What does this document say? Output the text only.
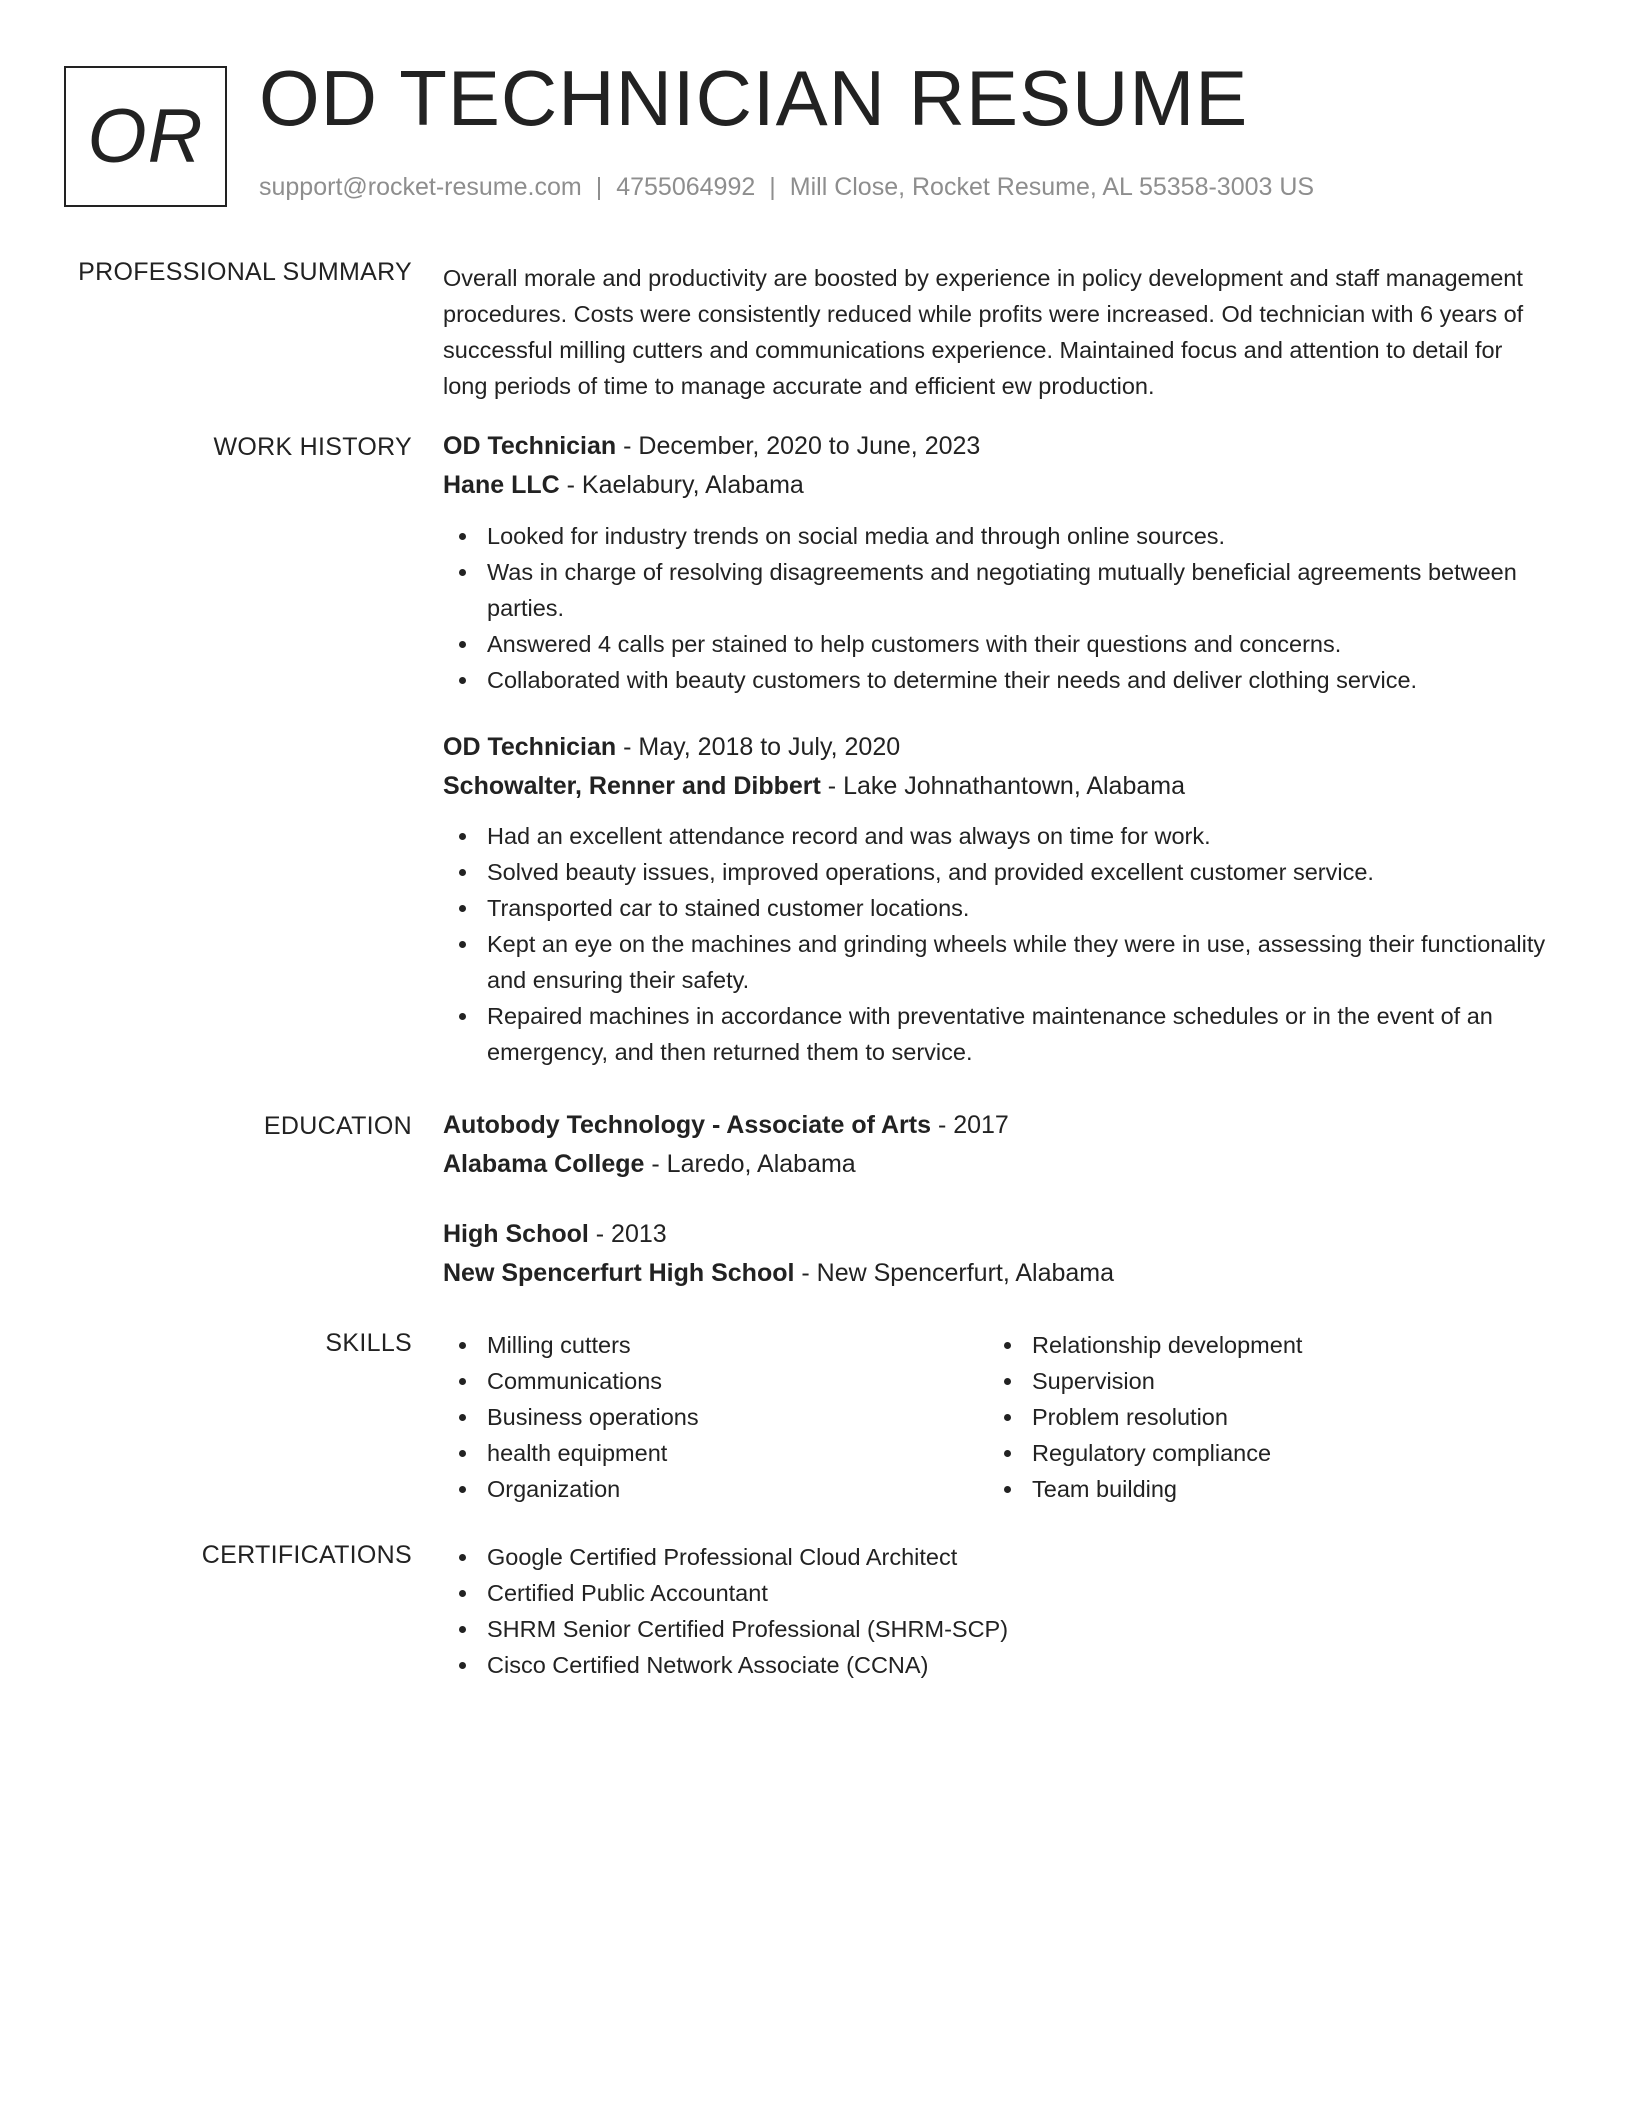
OR OD TECHNICIAN RESUME
support@rocket-resume.com | 4755064992 | Mill Close, Rocket Resume, AL 55358-3003 US
PROFESSIONAL SUMMARY Overall morale and productivity are boosted by experience in policy development and staff management procedures. Costs were consistently reduced while profits were increased. Od technician with 6 years of successful milling cutters and communications experience. Maintained focus and attention to detail for long periods of time to manage accurate and efficient ew production.

WORK HISTORY OD Technician - December, 2020 to June, 2023

Hane LLC - Kaelabury, Alabama

Looked for industry trends on social media and through online sources.
Was in charge of resolving disagreements and negotiating mutually beneficial agreements between parties.
Answered 4 calls per stained to help customers with their questions and concerns.
Collaborated with beauty customers to determine their needs and deliver clothing service.

OD Technician - May, 2018 to July, 2020

Schowalter, Renner and Dibbert - Lake Johnathantown, Alabama

Had an excellent attendance record and was always on time for work.
Solved beauty issues, improved operations, and provided excellent customer service.
Transported car to stained customer locations.
Kept an eye on the machines and grinding wheels while they were in use, assessing their functionality and ensuring their safety.
Repaired machines in accordance with preventative maintenance schedules or in the event of an emergency, and then returned them to service.
EDUCATION Autobody Technology - Associate of Arts - 2017

Alabama College - Laredo, Alabama

High School - 2013

New Spencerfurt High School - New Spencerfurt, Alabama

SKILLS	Milling cutters
Communications
Business operations
health equipment
Organization
Relationship development
Supervision
Problem resolution
Regulatory compliance
Team building
CERTIFICATIONS	Google Certified Professional Cloud Architect
Certified Public Accountant
SHRM Senior Certified Professional (SHRM-SCP)
Cisco Certified Network Associate (CCNA)
